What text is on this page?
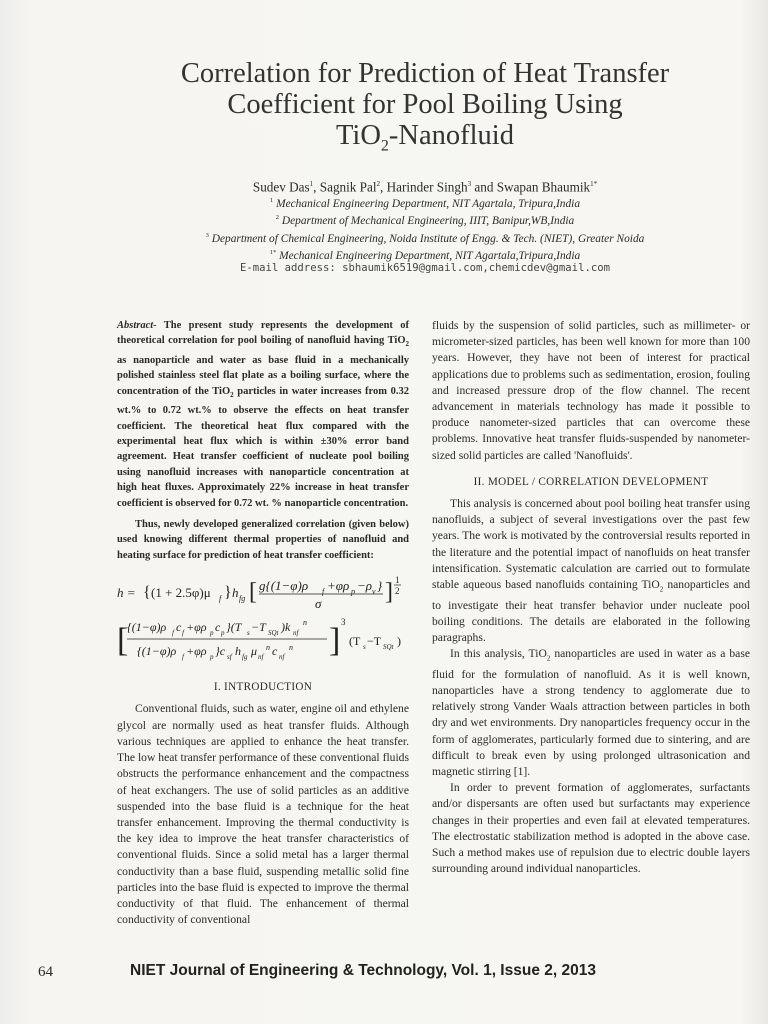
Correlation for Prediction of Heat Transfer
Coefficient for Pool Boiling Using
TiO$_2$-Nanofluid
Sudev Das$^1$, Sagnik Pal$^2$, Harinder Singh$^3$ and Swapan Bhaumik$^{1*}$
$^1$ Mechanical Engineering Department, NIT Agartala, Tripura,India
$^2$ Department of Mechanical Engineering, IIIT, Banipur,WB,India
$^3$ Department of Chemical Engineering, Noida Institute of Engg. & Tech. (NIET), Greater Noida
$^{1*}$ Mechanical Engineering Department, NIT Agartala,Tripura,India
E-mail address: sbhaumik6519@gmail.com,chemicdev@gmail.com

Abstract- The present study represents the development of theoretical correlation for pool boiling of nanofluid having TiO$_2$ as nanoparticle and water as base fluid in a mechanically polished stainless steel flat plate as a boiling surface, where the concentration of the TiO$_2$ particles in water increases from 0.32 wt.% to 0.72 wt.% to observe the effects on heat transfer coefficient. The theoretical heat flux compared with the experimental heat flux which is within ±30% error band agreement. Heat transfer coefficient of nucleate pool boiling using nanofluid increases with nanoparticle concentration at high heat fluxes. Approximately 22% increase in heat transfer coefficient is observed for 0.72 wt. % nanoparticle concentration.

Thus, newly developed generalized correlation (given below) used knowing different thermal properties of nanofluid and heating surface for prediction of heat transfer coefficient:

h = { (1 + 2.5φ)μ f } h fg [ g{(1−φ)ρ f +φρ p −ρ v }
σ	] 1
2
[
{(1−φ)ρ f c f +φρ p c p }(T s −T SQt )k nf
n
{(1−φ)ρ f +φρ p }c sf h fg μ nf
n c nf
n ] 3
(T s −T SQt )
I. INTRODUCTION

Conventional fluids, such as water, engine oil and ethylene glycol are normally used as heat transfer fluids. Although various techniques are applied to enhance the heat transfer. The low heat transfer performance of these conventional fluids obstructs the performance enhancement and the compactness of heat exchangers. The use of solid particles as an additive suspended into the base fluid is a technique for the heat transfer enhancement. Improving the thermal conductivity is the key idea to improve the heat transfer characteristics of conventional fluids. Since a solid metal has a larger thermal conductivity than a base fluid, suspending metallic solid fine particles into the base fluid is expected to improve the thermal conductivity of that fluid. The enhancement of thermal conductivity of conventional

fluids by the suspension of solid particles, such as millimeter- or micrometer-sized particles, has been well known for more than 100 years. However, they have not been of interest for practical applications due to problems such as sedimentation, erosion, fouling and increased pressure drop of the flow channel. The recent advancement in materials technology has made it possible to produce nanometer-sized particles that can overcome these problems. Innovative heat transfer fluids-suspended by nanometer-sized solid particles are called 'Nanofluids'.

II. MODEL / CORRELATION DEVELOPMENT

This analysis is concerned about pool boiling heat transfer using nanofluids, a subject of several investigations over the past few years. The work is motivated by the controversial results reported in the literature and the potential impact of nanofluids on heat transfer intensification. Systematic calculation are carried out to formulate stable aqueous based nanofluids containing TiO$_2$ nanoparticles and to investigate their heat transfer behavior under nucleate pool boiling conditions. The details are elaborated in the following paragraphs.

In this analysis, TiO$_2$ nanoparticles are used in water as a base fluid for the formulation of nanofluid. As it is well known, nanoparticles have a strong tendency to agglomerate due to relatively strong Vander Waals attraction between particles in both dry and wet environments. Dry nanoparticles frequency occur in the form of agglomerates, particularly formed due to sintering, and are difficult to break even by using prolonged ultrasonication and magnetic stirring [1].

In order to prevent formation of agglomerates, surfactants and/or dispersants are often used but surfactants may experience changes in their properties and even fail at elevated temperatures. The electrostatic stabilization method is adopted in the above case. Such a method makes use of repulsion due to electric double layers surrounding around individual nanoparticles.

64	NIET Journal of Engineering & Technology, Vol. 1, Issue 2, 2013
